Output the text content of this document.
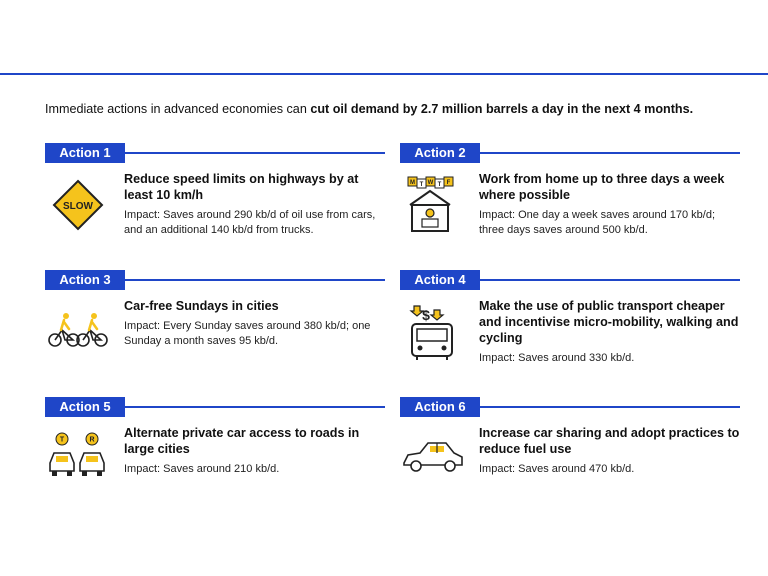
Immediate actions in advanced economies can cut oil demand by 2.7 million barrels a day in the next 4 months.
Action 1
SLOW

Reduce speed limits on highways by at least 10 km/h

Impact: Saves around 290 kb/d of oil use from cars, and an additional 140 kb/d from trucks.

Action 2
M T W T F Work from home up to three days a week where possible

Impact: One day a week saves around 170 kb/d; three days saves around 500 kb/d.

Action 3

Car-free Sundays in cities

Impact: Every Sunday saves around 380 kb/d; one Sunday a month saves 95 kb/d.

Action 4
$

Make the use of public transport cheaper and incentivise micro-mobility, walking and cycling

Impact: Saves around 330 kb/d.

Action 5
T	R Alternate private car access to roads in large cities

Impact: Saves around 210 kb/d.

Action 6

Increase car sharing and adopt practices to reduce fuel use

Impact: Saves around 470 kb/d.
